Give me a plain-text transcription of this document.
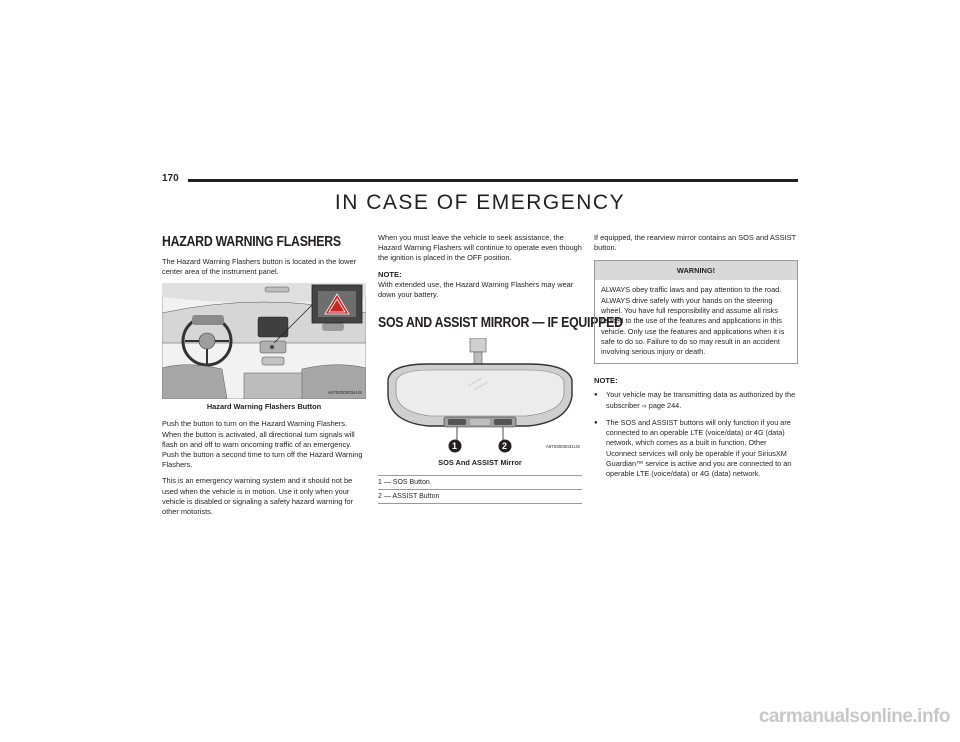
170
IN CASE OF EMERGENCY
HAZARD WARNING FLASHERS

The Hazard Warning Flashers button is located in the lower center area of the instrument panel.

A0702000034US
Hazard Warning Flashers Button

Push the button to turn on the Hazard Warning Flashers. When the button is activated, all directional turn signals will flash on and off to warn oncoming traffic of an emergency. Push the button a second time to turn off the Hazard Warning Flashers.

This is an emergency warning system and it should not be used when the vehicle is in motion. Use it only when your vehicle is disabled or signaling a safety hazard warning for other motorists.

When you must leave the vehicle to seek assistance, the Hazard Warning Flashers will continue to operate even though the ignition is placed in the OFF position.

NOTE:

With extended use, the Hazard Warning Flashers may wear down your battery.

SOS AND ASSIST MIRROR — IF EQUIPPED
1	2	A0703000031US
SOS And ASSIST Mirror
1 — SOS Button
2 — ASSIST Button

If equipped, the rearview mirror contains an SOS and ASSIST button.

WARNING!

ALWAYS obey traffic laws and pay attention to the road. ALWAYS drive safely with your hands on the steering wheel. You have full responsibility and assume all risks related to the use of the features and applications in this vehicle. Only use the features and applications when it is safe to do so. Failure to do so may result in an accident involving serious injury or death.

NOTE:
● Your vehicle may be transmitting data as authorized by the subscriber ➩ page 244.
● The SOS and ASSIST buttons will only function if you are connected to an operable LTE (voice/data) or 4G (data) network, which comes as a built in function. Other Uconnect services will only be operable if your SiriusXM Guardian™ service is active and you are connected to an operable LTE (voice/data) or 4G (data) network.
carmanualsonline.info
